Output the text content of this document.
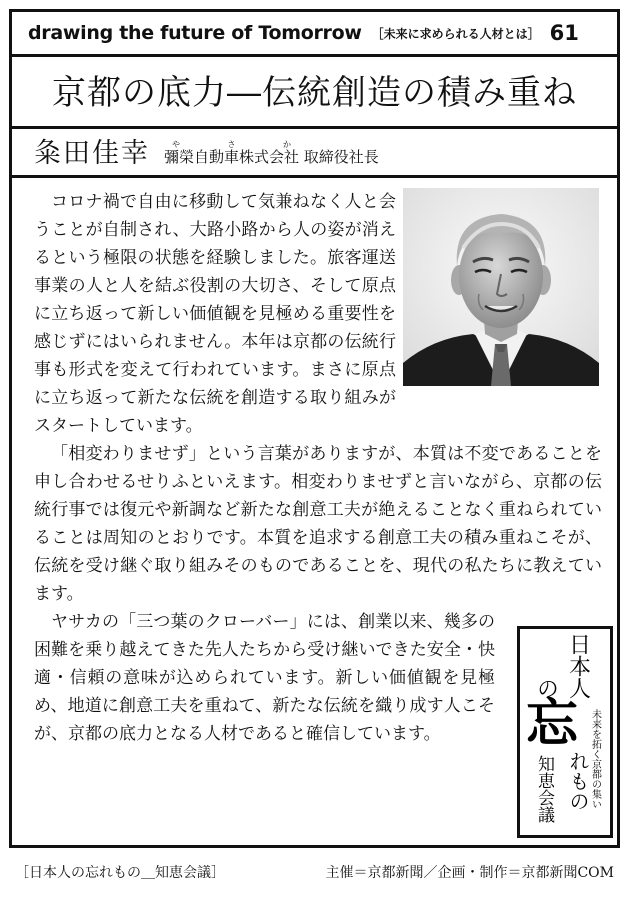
drawing the future of Tomorrow ［未来に求められる人材とは］ 61
京都の底力―伝統創造の積み重ね
粂田佳幸 彌榮自動車株式会社やさか 取締役社長

コロナ禍で自由に移動して気兼ねなく人と会うことが自制され、大路小路から人の姿が消えるという極限の状態を経験しました。旅客運送事業の人と人を結ぶ役割の大切さ、そして原点に立ち返って新しい価値観を見極める重要性を感じずにはいられません。本年は京都の伝統行事も形式を変えて行われています。まさに原点に立ち返って新たな伝統を創造する取り組みがスタートしています。

「相変わりませず」という言葉がありますが、本質は不変であることを申し合わせるせりふといえます。相変わりませずと言いながら、京都の伝統行事では復元や新調など新たな創意工夫が絶えることなく重ねられていることは周知のとおりです。本質を追求する創意工夫の積み重ねこそが、伝統を受け継ぐ取り組みそのものであることを、現代の私たちに教えています。

ヤサカの「三つ葉のクローバー」には、創業以来、幾多の困難を乗り越えてきた先人たちから受け継いできた安全・快適・信頼の意味が込められています。新しい価値観を見極め、地道に創意工夫を重ねて、新たな伝統を織り成す人こそが、京都の底力となる人材であると確信しています。

日本人
の
忘 未来を拓く京都の集い
れもの
知恵会議
［日本人の忘れもの＿知恵会議］	主催＝京都新聞／企画・制作＝京都新聞COM
